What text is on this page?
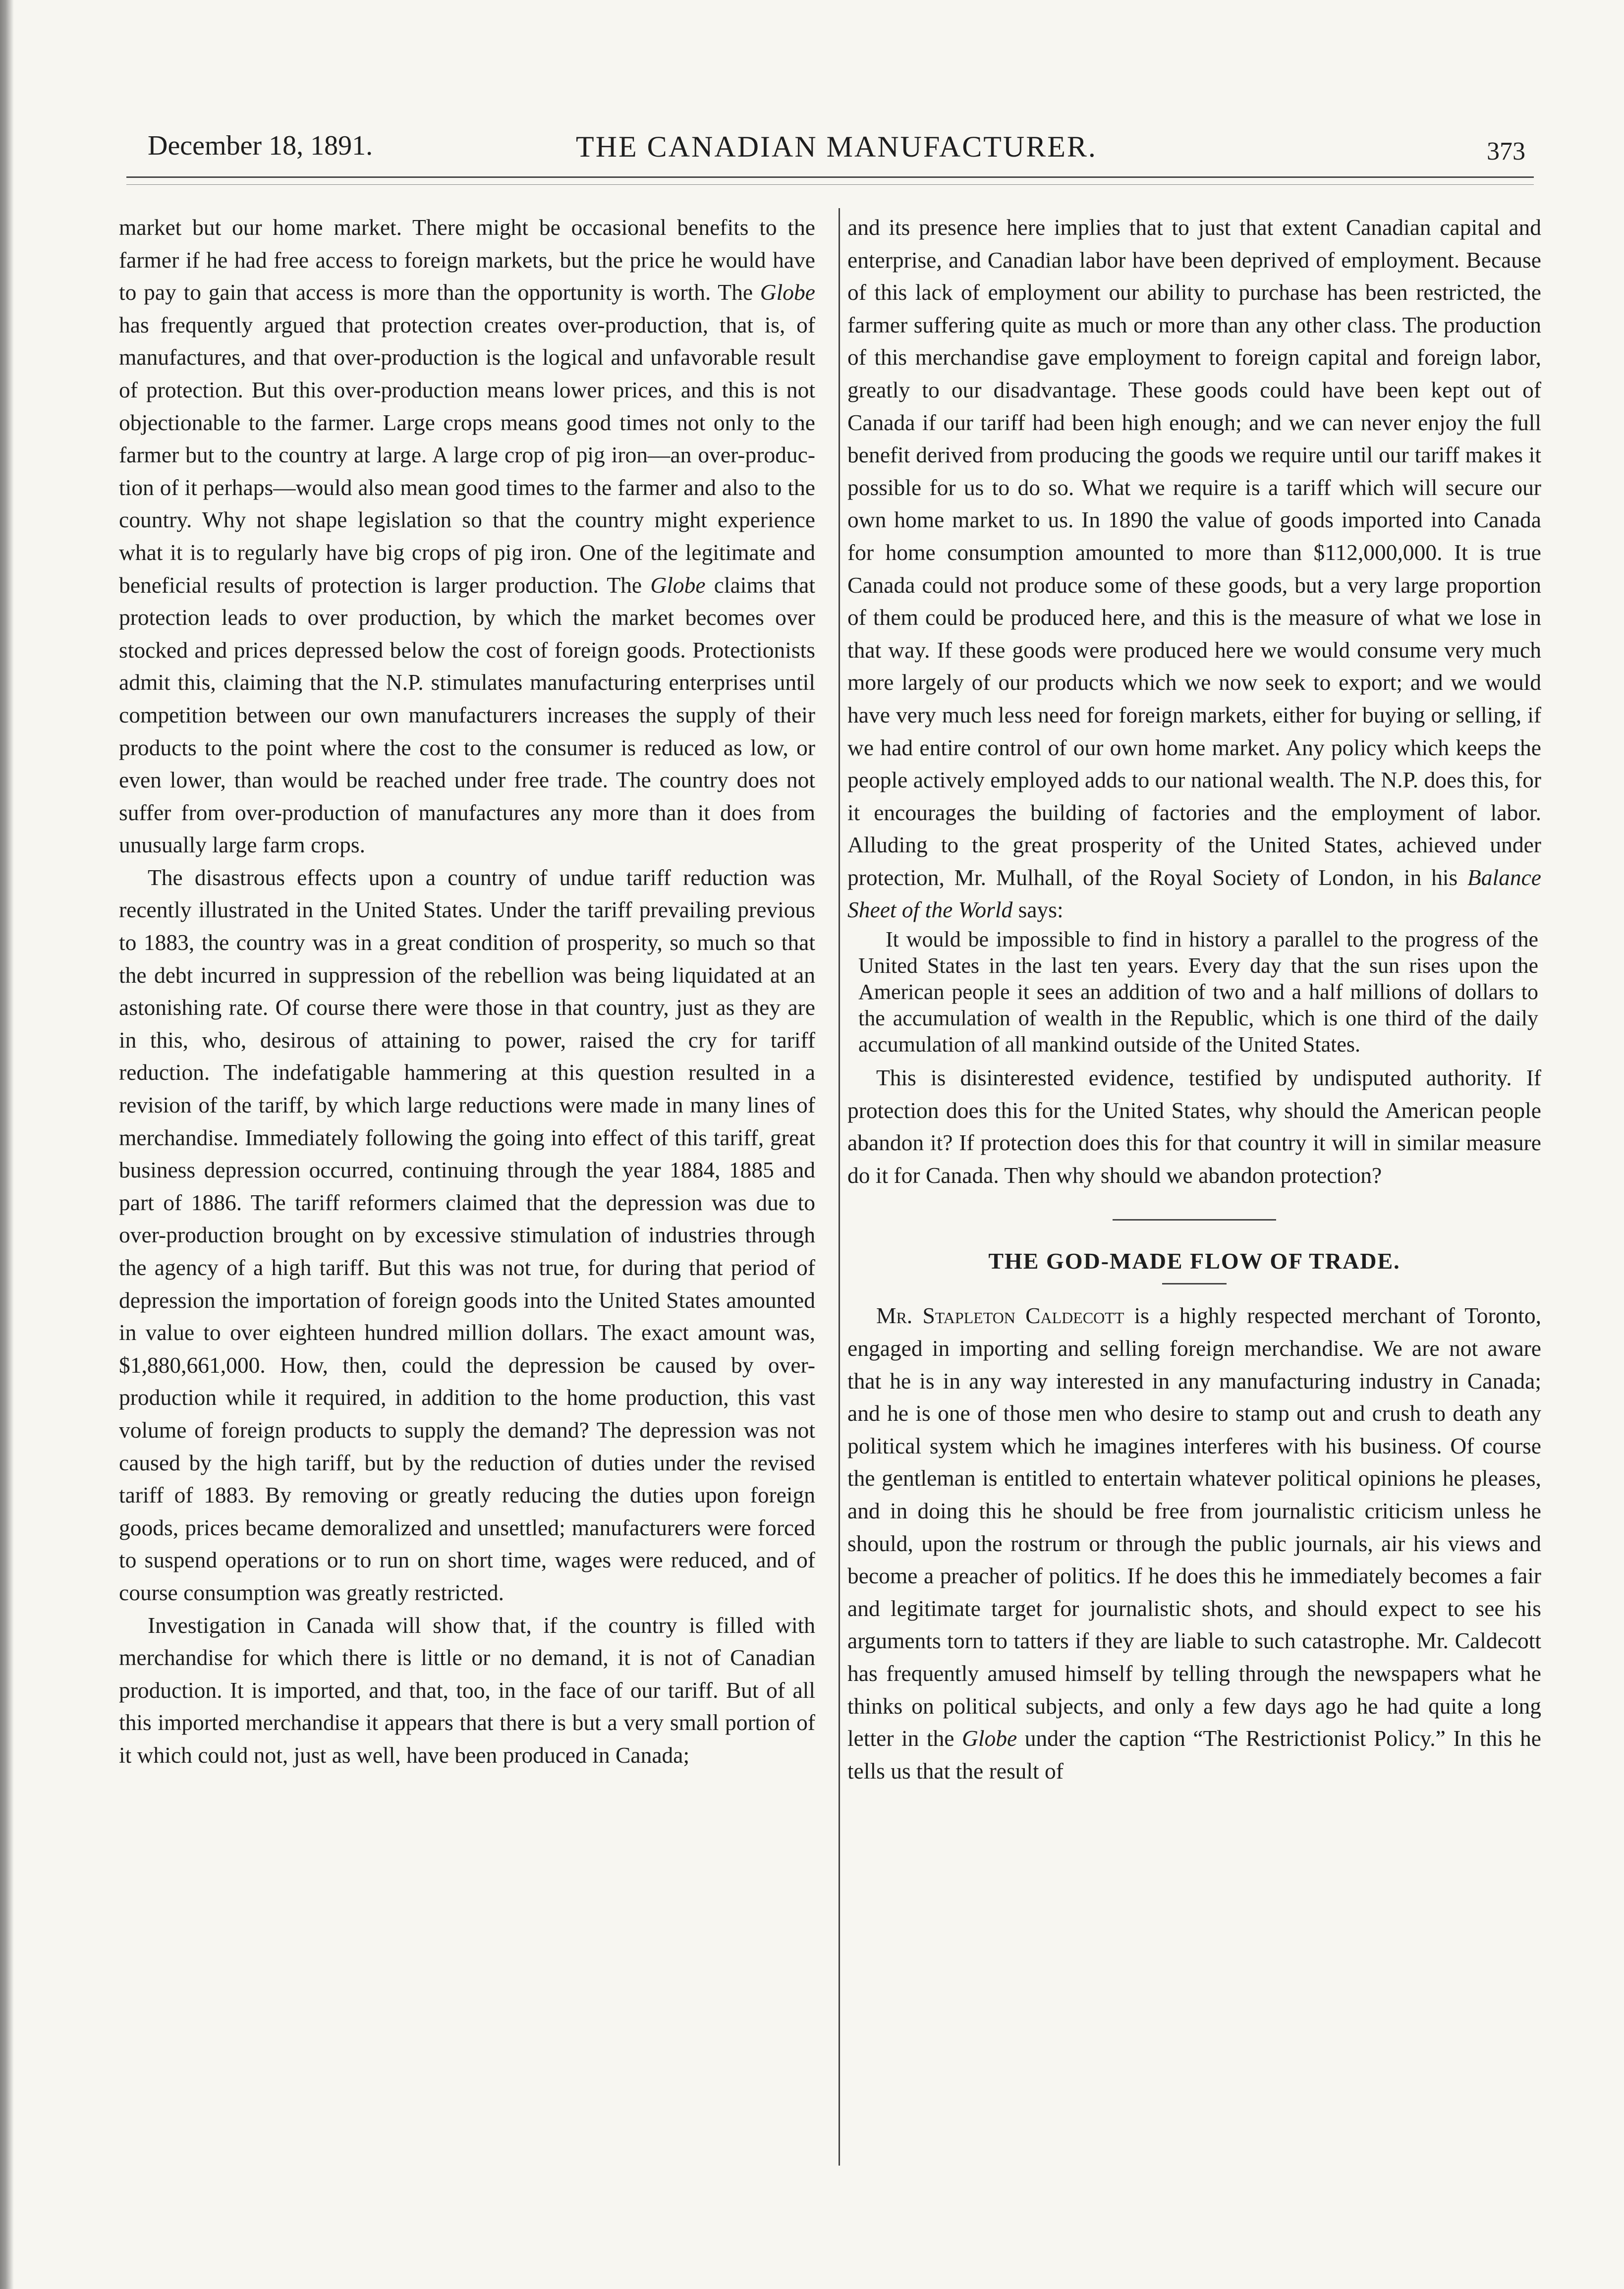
December 18, 1891.	THE CANADIAN MANUFACTURER.	373

market but our home market. There might be occasional benefits to the farmer if he had free access to foreign markets, but the price he would have to pay to gain that access is more than the opportunity is worth. The Globe has frequently argued that protection creates over-production, that is, of manufactures, and that over-production is the logical and unfavorable result of protection. But this over-production means lower prices, and this is not objectionable to the farmer. Large crops means good times not only to the farmer but to the country at large. A large crop of pig iron—an over-production of it perhaps—would also mean good times to the farmer and also to the country. Why not shape legislation so that the country might experience what it is to regularly have big crops of pig iron. One of the legitimate and beneficial results of protection is larger production. The Globe claims that protection leads to over production, by which the market becomes over stocked and prices depressed below the cost of foreign goods. Protectionists admit this, claiming that the N.P. stimulates manufacturing enterprises until competition between our own manufacturers increases the supply of their products to the point where the cost to the consumer is reduced as low, or even lower, than would be reached under free trade. The country does not suffer from over-production of manufactures any more than it does from unusually large farm crops.

The disastrous effects upon a country of undue tariff reduction was recently illustrated in the United States. Under the tariff prevailing previous to 1883, the country was in a great condition of prosperity, so much so that the debt incurred in suppression of the rebellion was being liquidated at an astonishing rate. Of course there were those in that country, just as they are in this, who, desirous of attaining to power, raised the cry for tariff reduction. The indefatigable hammering at this question resulted in a revision of the tariff, by which large reductions were made in many lines of merchandise. Immediately following the going into effect of this tariff, great business depression occurred, continuing through the year 1884, 1885 and part of 1886. The tariff reformers claimed that the depression was due to over-production brought on by excessive stimulation of industries through the agency of a high tariff. But this was not true, for during that period of depression the importation of foreign goods into the United States amounted in value to over eighteen hundred million dollars. The exact amount was, $1,880,661,000. How, then, could the depression be caused by over-production while it required, in addition to the home production, this vast volume of foreign products to supply the demand? The depression was not caused by the high tariff, but by the reduction of duties under the revised tariff of 1883. By removing or greatly reducing the duties upon foreign goods, prices became demoralized and unsettled; manufacturers were forced to suspend operations or to run on short time, wages were reduced, and of course consumption was greatly restricted.

Investigation in Canada will show that, if the country is filled with merchandise for which there is little or no demand, it is not of Canadian production. It is imported, and that, too, in the face of our tariff. But of all this imported merchandise it appears that there is but a very small portion of it which could not, just as well, have been produced in Canada;

and its presence here implies that to just that extent Canadian capital and enterprise, and Canadian labor have been deprived of employment. Because of this lack of employment our ability to purchase has been restricted, the farmer suffering quite as much or more than any other class. The production of this merchandise gave employment to foreign capital and foreign labor, greatly to our disadvantage. These goods could have been kept out of Canada if our tariff had been high enough; and we can never enjoy the full benefit derived from producing the goods we require until our tariff makes it possible for us to do so. What we require is a tariff which will secure our own home market to us. In 1890 the value of goods imported into Canada for home consumption amounted to more than $112,000,000. It is true Canada could not produce some of these goods, but a very large proportion of them could be produced here, and this is the measure of what we lose in that way. If these goods were produced here we would consume very much more largely of our products which we now seek to export; and we would have very much less need for foreign markets, either for buying or selling, if we had entire control of our own home market. Any policy which keeps the people actively employed adds to our national wealth. The N.P. does this, for it encourages the building of factories and the employment of labor. Alluding to the great prosperity of the United States, achieved under protection, Mr. Mulhall, of the Royal Society of London, in his Balance Sheet of the World says:

It would be impossible to find in history a parallel to the progress of the United States in the last ten years. Every day that the sun rises upon the American people it sees an addition of two and a half millions of dollars to the accumulation of wealth in the Republic, which is one third of the daily accumulation of all mankind outside of the United States.

This is disinterested evidence, testified by undisputed authority. If protection does this for the United States, why should the American people abandon it? If protection does this for that country it will in similar measure do it for Canada. Then why should we abandon protection?

THE GOD-MADE FLOW OF TRADE.

Mr. Stapleton Caldecott is a highly respected merchant of Toronto, engaged in importing and selling foreign merchandise. We are not aware that he is in any way interested in any manufacturing industry in Canada; and he is one of those men who desire to stamp out and crush to death any political system which he imagines interferes with his business. Of course the gentleman is entitled to entertain whatever political opinions he pleases, and in doing this he should be free from journalistic criticism unless he should, upon the rostrum or through the public journals, air his views and become a preacher of politics. If he does this he immediately becomes a fair and legitimate target for journalistic shots, and should expect to see his arguments torn to tatters if they are liable to such catastrophe. Mr. Caldecott has frequently amused himself by telling through the newspapers what he thinks on political subjects, and only a few days ago he had quite a long letter in the Globe under the caption “The Restrictionist Policy.” In this he tells us that the result of
